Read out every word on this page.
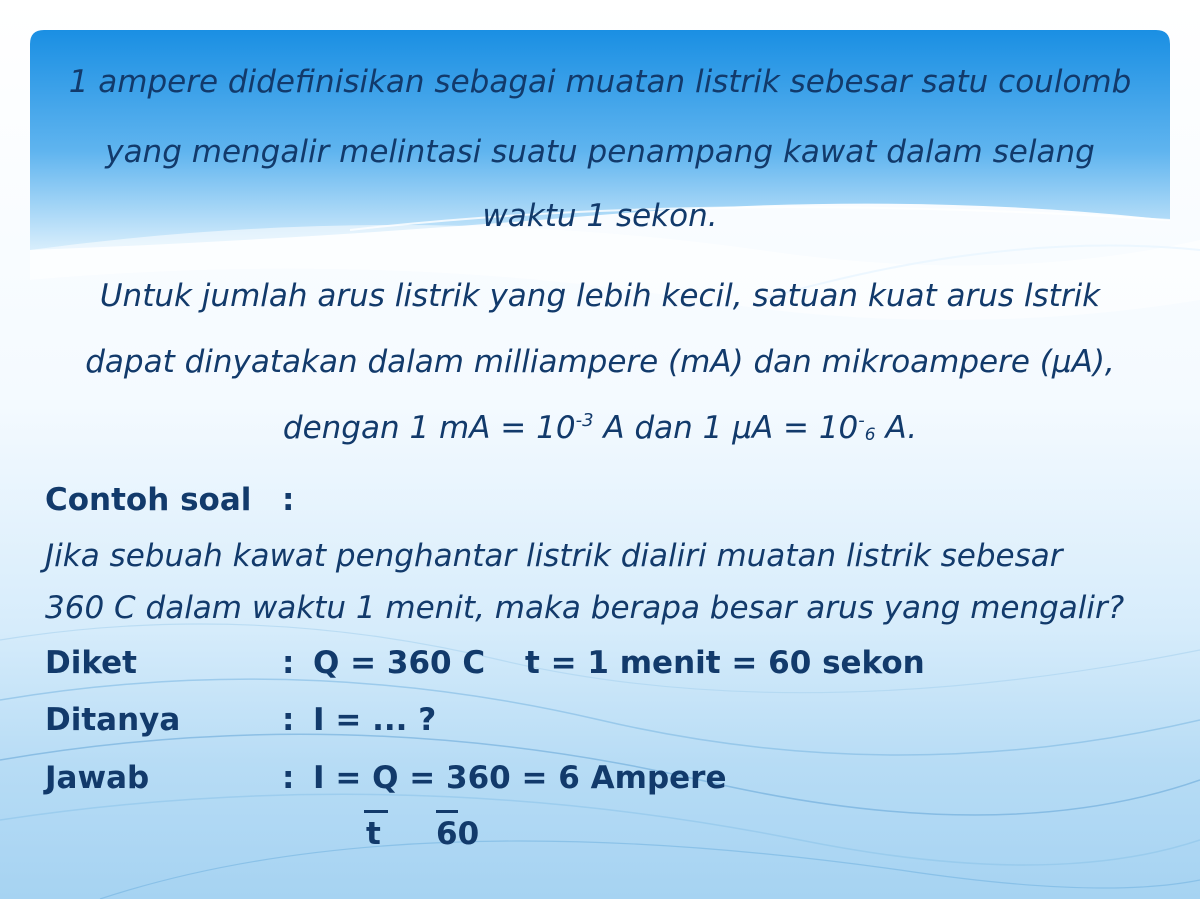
1 ampere didefinisikan sebagai muatan listrik sebesar satu coulomb
yang mengalir melintasi suatu penampang kawat dalam selang
waktu 1 sekon.
Untuk jumlah arus listrik yang lebih kecil, satuan kuat arus lstrik
dapat dinyatakan dalam milliampere (mA) dan mikroampere (μA),
dengan 1 mA = $10^{-3}$ A dan 1 μA = 10-6 A.
Contoh soal :
Jika sebuah kawat penghantar listrik dialiri muatan listrik sebesar
360 C dalam waktu 1 menit, maka berapa besar arus yang mengalir?
Diket	: Q = 360 C t = 1 menit = 60 sekon
Ditanya	: I = ... ?
Jawab	: I = Q = 360 = 6 Ampere
t 60
